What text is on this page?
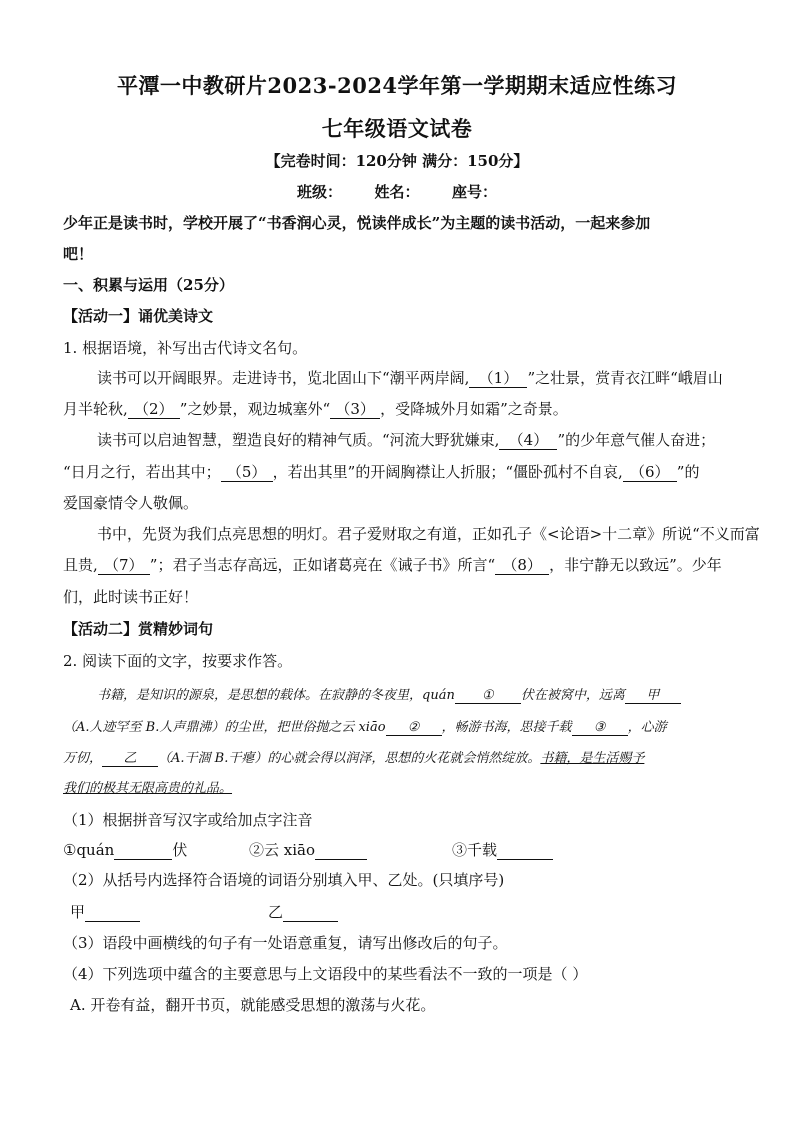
平潭一中教研片2023-2024学年第一学期期末适应性练习
七年级语文试卷
【完卷时间：120分钟 满分：150分】
班级： 姓名： 座号：
少年正是读书时，学校开展了“书香润心灵，悦读伴成长”为主题的读书活动，一起来参加
吧！
一、积累与运用（25分）
【活动一】诵优美诗文
1. 根据语境，补写出古代诗文名句。
读书可以开阔眼界。走进诗书，览北固山下“潮平两岸阔, （1） ”之壮景，赏青衣江畔“峨眉山
月半轮秋, （2） ”之妙景，观边城塞外“ （3） ，受降城外月如霜”之奇景。
读书可以启迪智慧，塑造良好的精神气质。“河流大野犹嫌束, （4） ”的少年意气催人奋进；
“日月之行，若出其中； （5） ，若出其里”的开阔胸襟让人折服；“僵卧孤村不自哀, （6） ”的
爱国豪情令人敬佩。
书中，先贤为我们点亮思想的明灯。君子爱财取之有道，正如孔子《<论语>十二章》所说“不义而富
且贵, （7） ”；君子当志存高远，正如诸葛亮在《诫子书》所言“ （8） ，非宁静无以致远”。少年
们，此时读书正好！
【活动二】赏精妙词句
2. 阅读下面的文字，按要求作答。
书籍，是知识的源泉，是思想的载体。在寂静的冬夜里，quán ① 伏在被窝中，远离 甲
（A.人迹罕至 B.人声鼎沸）的尘世，把世俗抛之云 xiāo ② ，畅游书海，思接千载 ③ ，心游
万仞， 乙 （A.干涸 B.干瘪）的心就会得以润泽，思想的火花就会悄然绽放。书籍，是生活赐予
我们的极其无限高贵的礼品。
（1）根据拼音写汉字或给加点字注音
①quán	伏	②云 xiāo	③千载
（2）从括号内选择符合语境的词语分别填入甲、乙处。(只填序号)
甲	乙
（3）语段中画横线的句子有一处语意重复，请写出修改后的句子。
（4）下列选项中蕴含的主要意思与上文语段中的某些看法不一致的一项是（ ）
A. 开卷有益，翻开书页，就能感受思想的激荡与火花。
